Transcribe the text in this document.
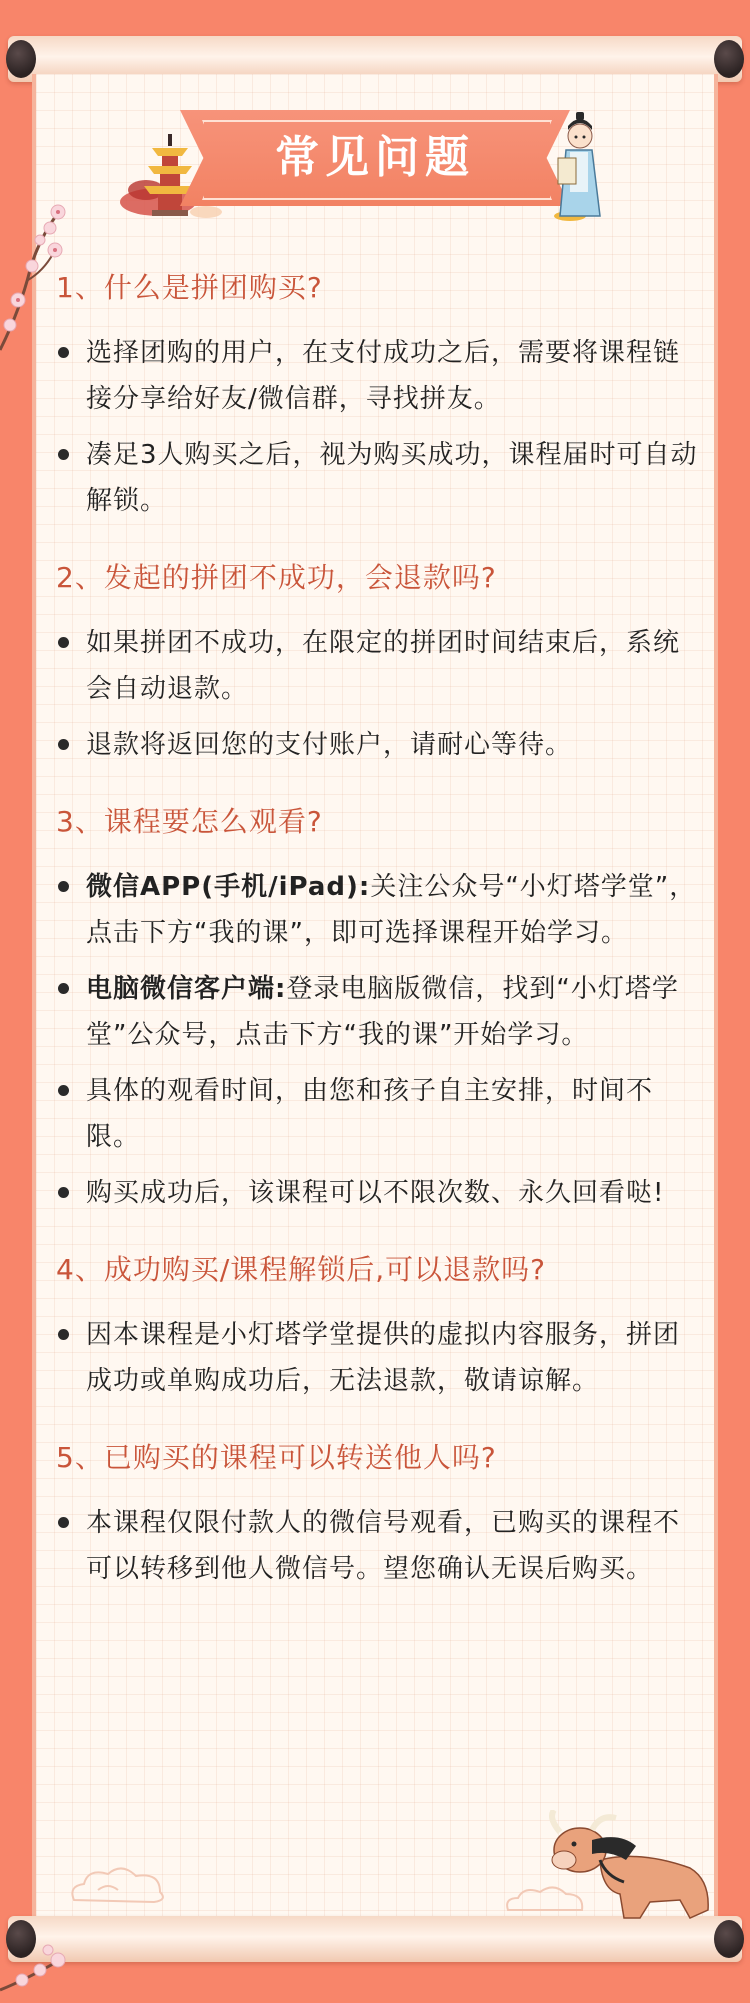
常见问题
1、什么是拼团购买?
选择团购的用户，在支付成功之后，需要将课程链接分享给好友/微信群，寻找拼友。
凑足3人购买之后，视为购买成功，课程届时可自动解锁。
2、发起的拼团不成功，会退款吗?
如果拼团不成功，在限定的拼团时间结束后，系统会自动退款。
退款将返回您的支付账户，请耐心等待。
3、课程要怎么观看?
微信APP(手机/iPad):关注公众号“小灯塔学堂”，点击下方“我的课”，即可选择课程开始学习。
电脑微信客户端:登录电脑版微信，找到“小灯塔学堂”公众号，点击下方“我的课”开始学习。
具体的观看时间，由您和孩子自主安排，时间不限。
购买成功后，该课程可以不限次数、永久回看哒!
4、成功购买/课程解锁后,可以退款吗?
因本课程是小灯塔学堂提供的虚拟内容服务，拼团成功或单购成功后，无法退款，敬请谅解。
5、已购买的课程可以转送他人吗?
本课程仅限付款人的微信号观看，已购买的课程不可以转移到他人微信号。望您确认无误后购买。
